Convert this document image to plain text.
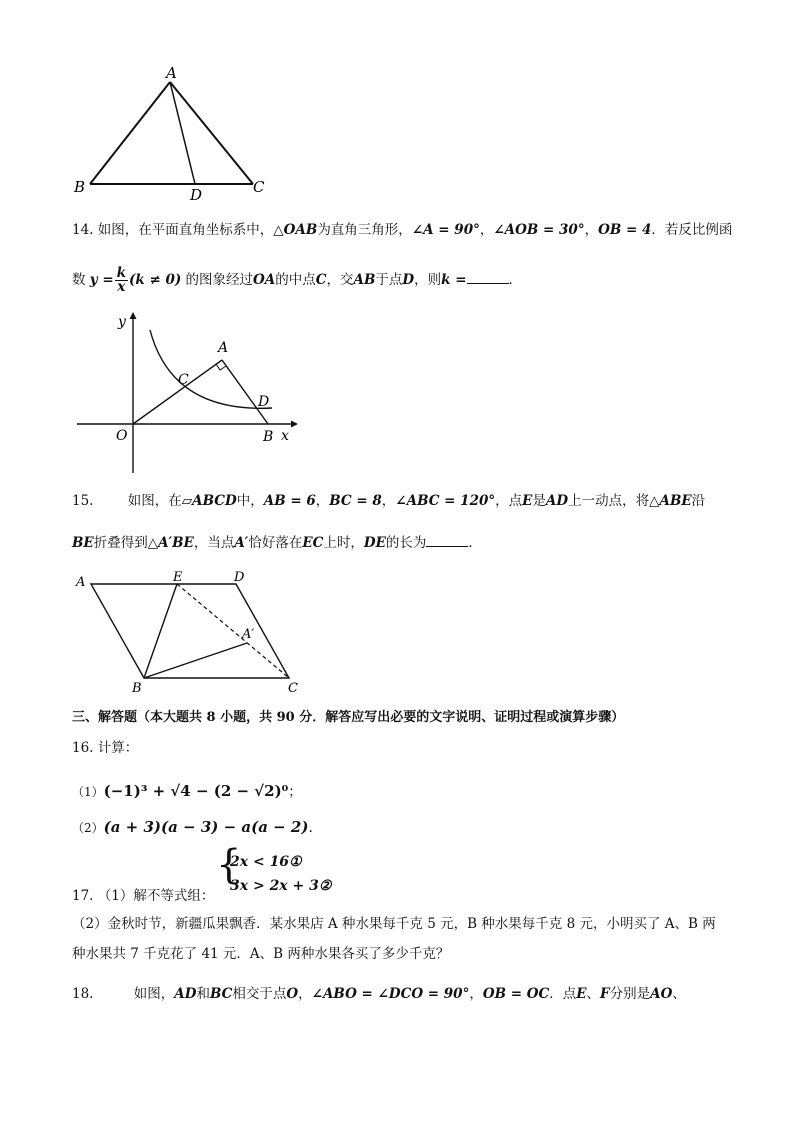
A
B	C
D
14. 如图，在平面直角坐标系中，△OAB为直角三角形，∠A = 90°，∠AOB = 30°，OB = 4．若反比例函
数 $y = \frac{k}{x} (k \ne 0)$ 的图象经过OA的中点C，交AB于点D，则k =	．
y
x
O
A
B
C
D
15.	如图，在▱ABCD中，AB = 6，BC = 8，∠ABC = 120°，点E是AD上一动点，将△ABE沿
BE折叠得到△A′BE，当点A′恰好落在EC上时，DE的长为	．
A	E	D
A′
B	C
三、解答题（本大题共 8 小题，共 90 分．解答应写出必要的文字说明、证明过程或演算步骤）
16. 计算：
（1）(−1)³ + √4 − (2 − √2)⁰；
（2）(a + 3)(a − 3) − a(a − 2).
{
2x < 16①
3x > 2x + 3②
17. （1）解不等式组：
（2）金秋时节，新疆瓜果飘香．某水果店 A 种水果每千克 5 元，B 种水果每千克 8 元，小明买了 A、B 两
种水果共 7 千克花了 41 元．A、B 两种水果各买了多少千克？
18.	如图，AD和BC相交于点O，∠ABO = ∠DCO = 90°，OB = OC．点E、F分别是AO、
